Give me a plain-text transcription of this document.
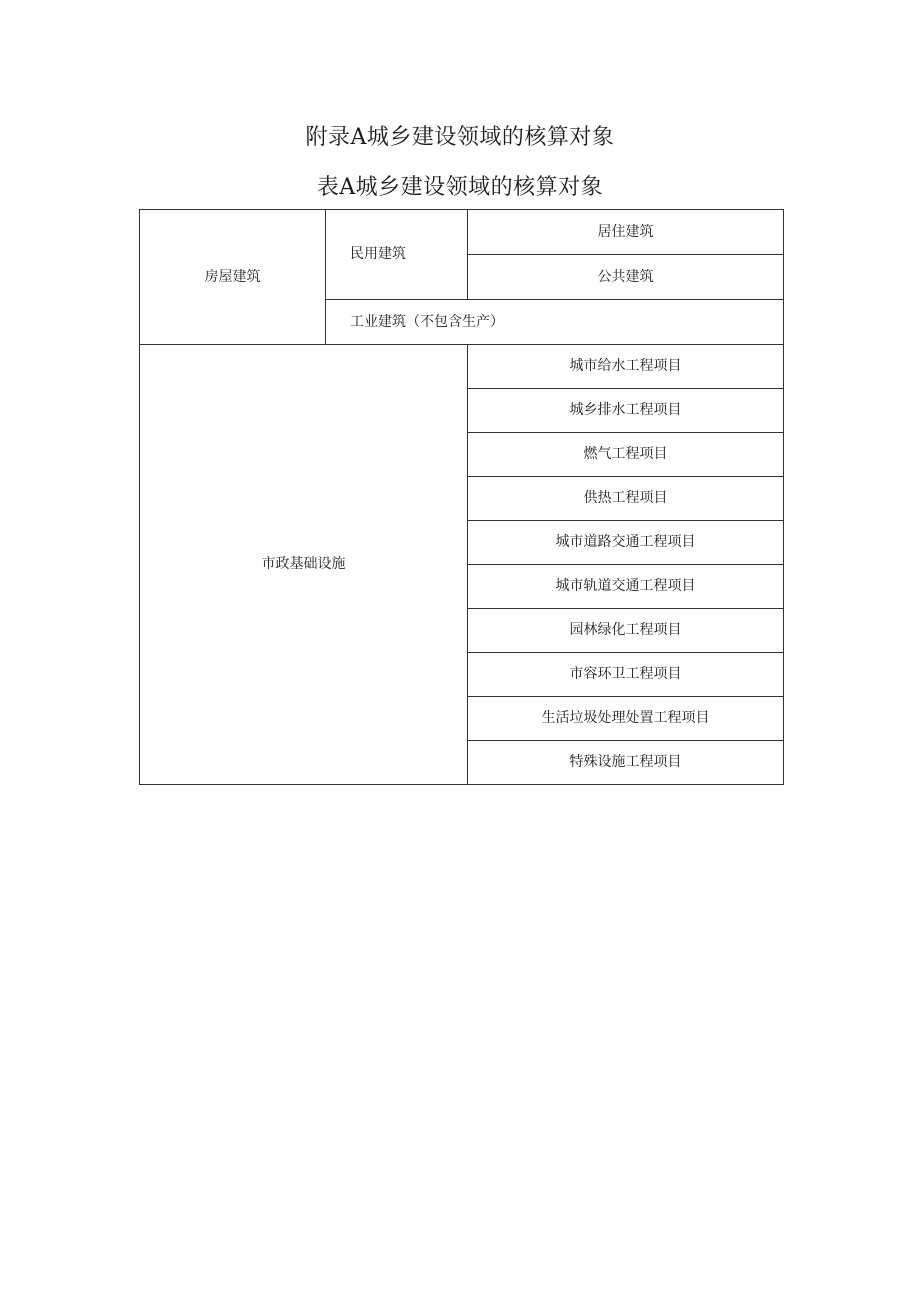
附录A城乡建设领域的核算对象
表A城乡建设领域的核算对象
房屋建筑	民用建筑	居住建筑
		公共建筑
	工业建筑（不包含生产）	
市政基础设施		城市给水工程项目
		城乡排水工程项目
		燃气工程项目
		供热工程项目
		城市道路交通工程项目
		城市轨道交通工程项目
		园林绿化工程项目
		市容环卫工程项目
		生活垃圾处理处置工程项目
		特殊设施工程项目
